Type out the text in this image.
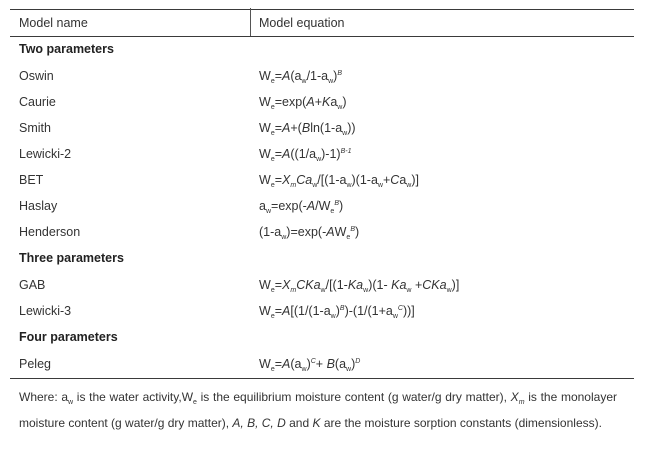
Model name	Model equation
Two parameters
Oswin	$W_e=A(a_w/1-a_w)^B$
Caurie	$W_e=\exp(A+Ka_w)$
Smith	$W_e=A+(Bln(1-a_w))$
Lewicki-2	$W_e=A((1/a_w)-1)^{B-1}$
BET	$W_e=X_mCa_w/[(1-a_w)(1-a_w+Ca_w)]$
Haslay	$a_w=\exp(-A/W_e^B)$
Henderson	$(1-a_w)=\exp(-AW_e^B)$
Three parameters
GAB	$W_e=X_mCKa_w/[(1-Ka_w)(1-$ $Ka_w +CKa_w$)]
Lewicki-3	$W_e=A[(1/(1-a_w)^B)-(1/(1+a_w^C))]$
Four parameters
Peleg	$W_e=A(a_w)^C+ B(a_w)^D$
Where: $a_w$ is the water $activity,W_e$ is the equilibrium moisture content (g water/g dry matter), $X_m$ is the monolayer moisture content (g water/g dry matter), A, B, C, D and K are the moisture sorption constants (dimensionless).
